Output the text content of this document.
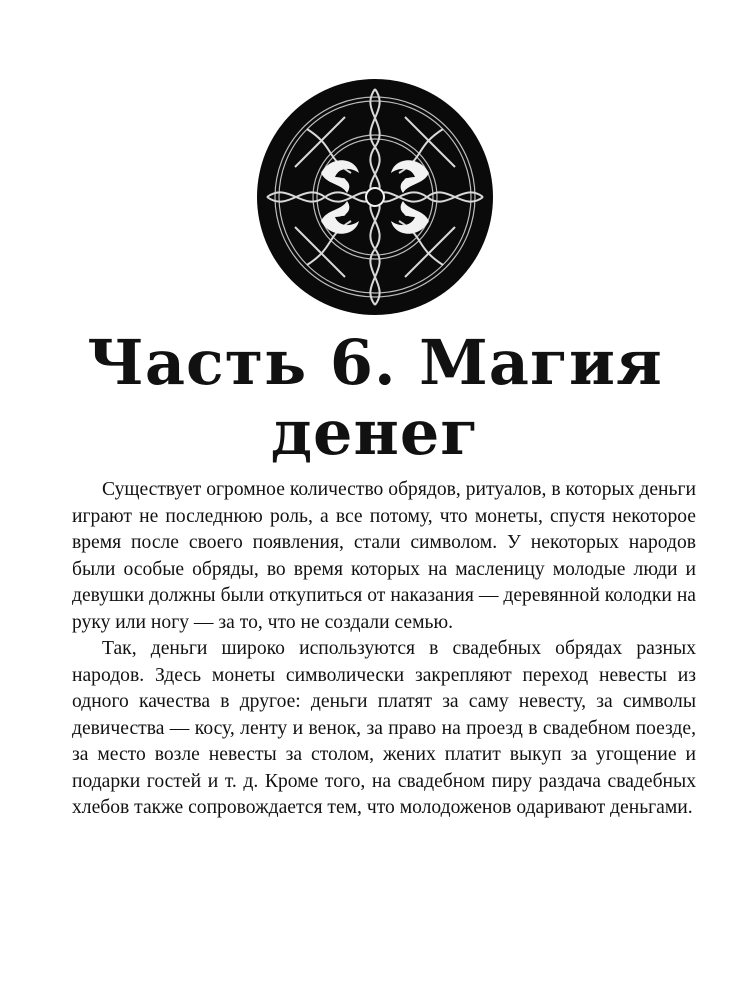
Часть 6. Магия
денег

Существует огромное количество обрядов, ритуалов, в которых деньги играют не последнюю роль, а все потому, что монеты, спустя некоторое время после своего появления, стали символом. У некоторых народов были особые обряды, во время которых на масленицу молодые люди и девушки должны были откупиться от наказания — деревянной колодки на руку или ногу — за то, что не создали семью.

Так, деньги широко используются в свадебных обрядах разных народов. Здесь монеты символически закрепляют переход невесты из одного качества в другое: деньги платят за саму невесту, за символы девичества — косу, ленту и венок, за право на проезд в свадебном поезде, за место возле невесты за столом, жених платит выкуп за угощение и подарки гостей и т. д. Кроме того, на свадебном пиру раздача свадебных хлебов также сопровождается тем, что молодоженов одаривают деньгами.
